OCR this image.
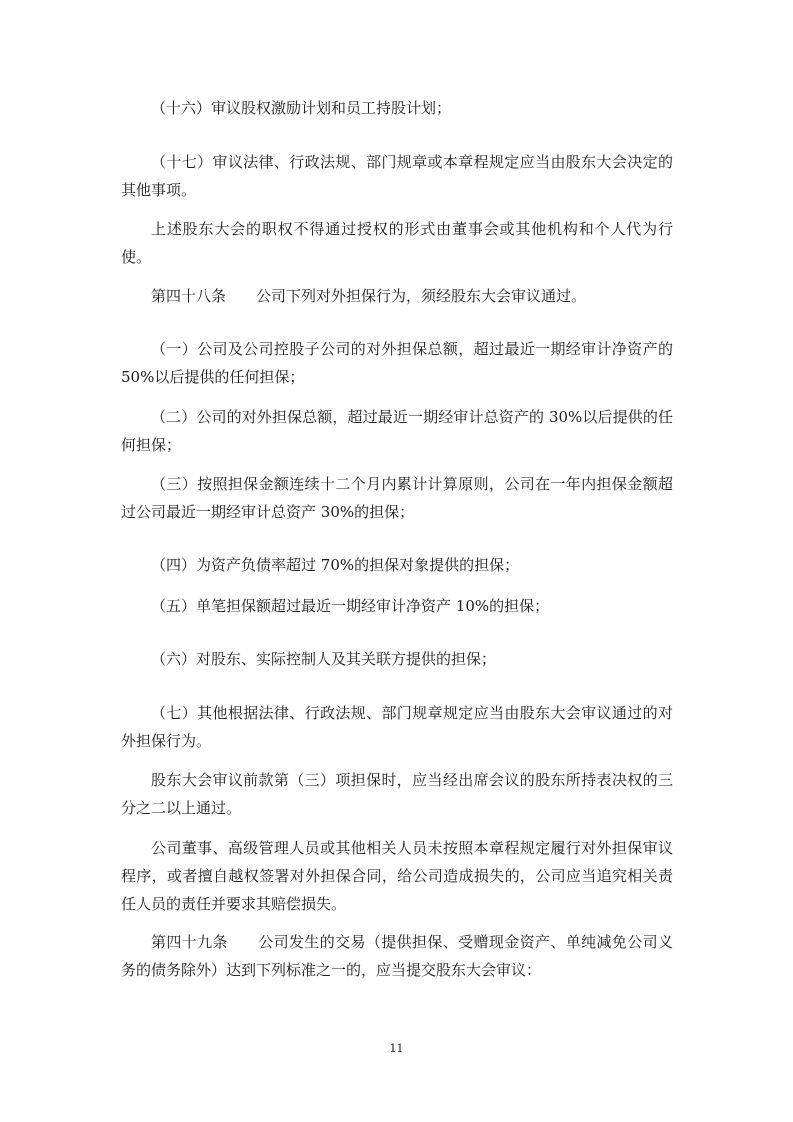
（十六）审议股权激励计划和员工持股计划；

（十七）审议法律、行政法规、部门规章或本章程规定应当由股东大会决定的其他事项。

上述股东大会的职权不得通过授权的形式由董事会或其他机构和个人代为行使。

第四十八条 公司下列对外担保行为，须经股东大会审议通过。

（一）公司及公司控股子公司的对外担保总额，超过最近一期经审计净资产的 50%以后提供的任何担保；

（二）公司的对外担保总额，超过最近一期经审计总资产的 30%以后提供的任何担保；

（三）按照担保金额连续十二个月内累计计算原则，公司在一年内担保金额超过公司最近一期经审计总资产 30%的担保；

（四）为资产负债率超过 70%的担保对象提供的担保；

（五）单笔担保额超过最近一期经审计净资产 10%的担保；

（六）对股东、实际控制人及其关联方提供的担保；

（七）其他根据法律、行政法规、部门规章规定应当由股东大会审议通过的对外担保行为。

股东大会审议前款第（三）项担保时，应当经出席会议的股东所持表决权的三分之二以上通过。

公司董事、高级管理人员或其他相关人员未按照本章程规定履行对外担保审议程序，或者擅自越权签署对外担保合同，给公司造成损失的，公司应当追究相关责任人员的责任并要求其赔偿损失。

第四十九条 公司发生的交易（提供担保、受赠现金资产、单纯减免公司义务的债务除外）达到下列标准之一的，应当提交股东大会审议：

11
